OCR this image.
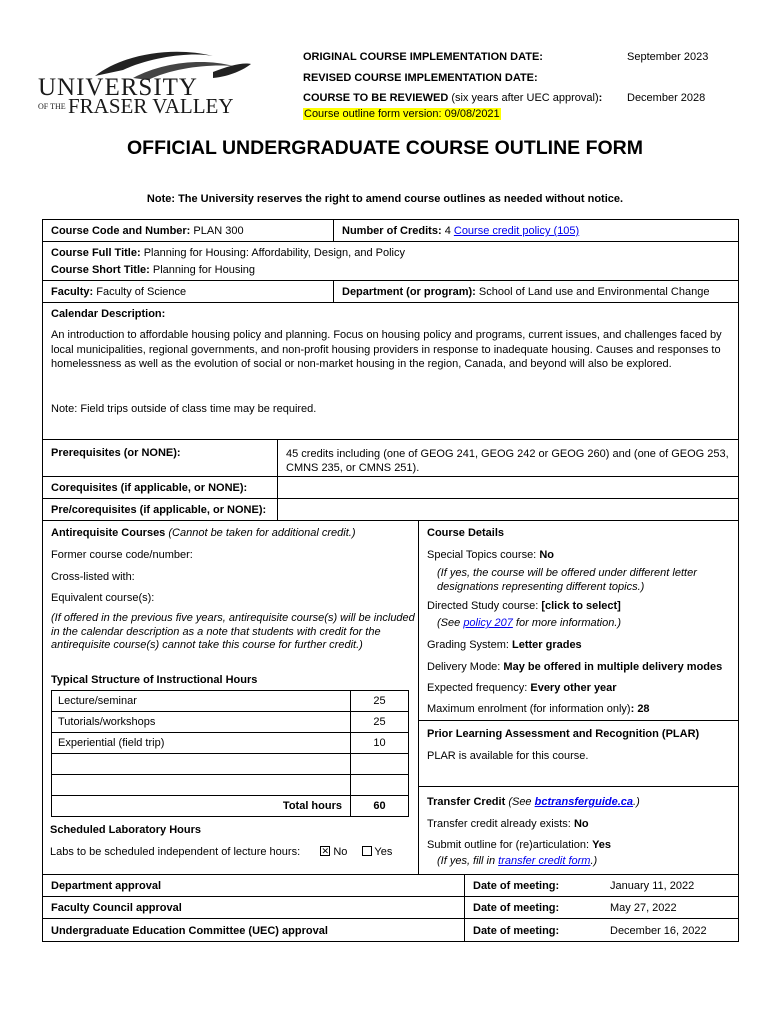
UNIVERSITY
OF THE FRASER VALLEY
ORIGINAL COURSE IMPLEMENTATION DATE:	September 2023
REVISED COURSE IMPLEMENTATION DATE:
COURSE TO BE REVIEWED (six years after UEC approval): December 2028
Course outline form version: 09/08/2021
OFFICIAL UNDERGRADUATE COURSE OUTLINE FORM
Note: The University reserves the right to amend course outlines as needed without notice.
Course Code and Number: PLAN 300	Number of Credits: 4 Course credit policy (105)
Course Full Title: Planning for Housing: Affordability, Design, and Policy
Course Short Title: Planning for Housing
Faculty: Faculty of Science	Department (or program): School of Land use and Environmental Change
Calendar Description:
An introduction to affordable housing policy and planning. Focus on housing policy and programs, current issues, and challenges faced by local municipalities, regional governments, and non-profit housing providers in response to inadequate housing. Causes and responses to homelessness as well as the evolution of social or non-market housing in the region, Canada, and beyond will also be explored.
Note: Field trips outside of class time may be required.
Prerequisites (or NONE):	45 credits including (one of GEOG 241, GEOG 242 or GEOG 260) and (one of GEOG 253, CMNS 235, or CMNS 251).
Corequisites (if applicable, or NONE):
Pre/corequisites (if applicable, or NONE):
Antirequisite Courses (Cannot be taken for additional credit.)
Former course code/number:
Cross-listed with:
Equivalent course(s):
(If offered in the previous five years, antirequisite course(s) will be included in the calendar description as a note that students with credit for the antirequisite course(s) cannot take this course for further credit.)
Typical Structure of Instructional Hours
Lecture/seminar	25
Tutorials/workshops	25
Experiential (field trip)	10

Total hours	60
Scheduled Laboratory Hours
Labs to be scheduled independent of lecture hours: ✕ No Yes
Course Details
Special Topics course: No
(If yes, the course will be offered under different letter designations representing different topics.)
Directed Study course: [click to select]
(See policy 207 for more information.)
Grading System: Letter grades
Delivery Mode: May be offered in multiple delivery modes
Expected frequency: Every other year
Maximum enrolment (for information only): 28
Prior Learning Assessment and Recognition (PLAR)
PLAR is available for this course.
Transfer Credit (See bctransferguide.ca.)
Transfer credit already exists: No
Submit outline for (re)articulation: Yes
(If yes, fill in transfer credit form.)
Department approval	Date of meeting:	January 11, 2022
Faculty Council approval	Date of meeting:	May 27, 2022
Undergraduate Education Committee (UEC) approval	Date of meeting:	December 16, 2022
